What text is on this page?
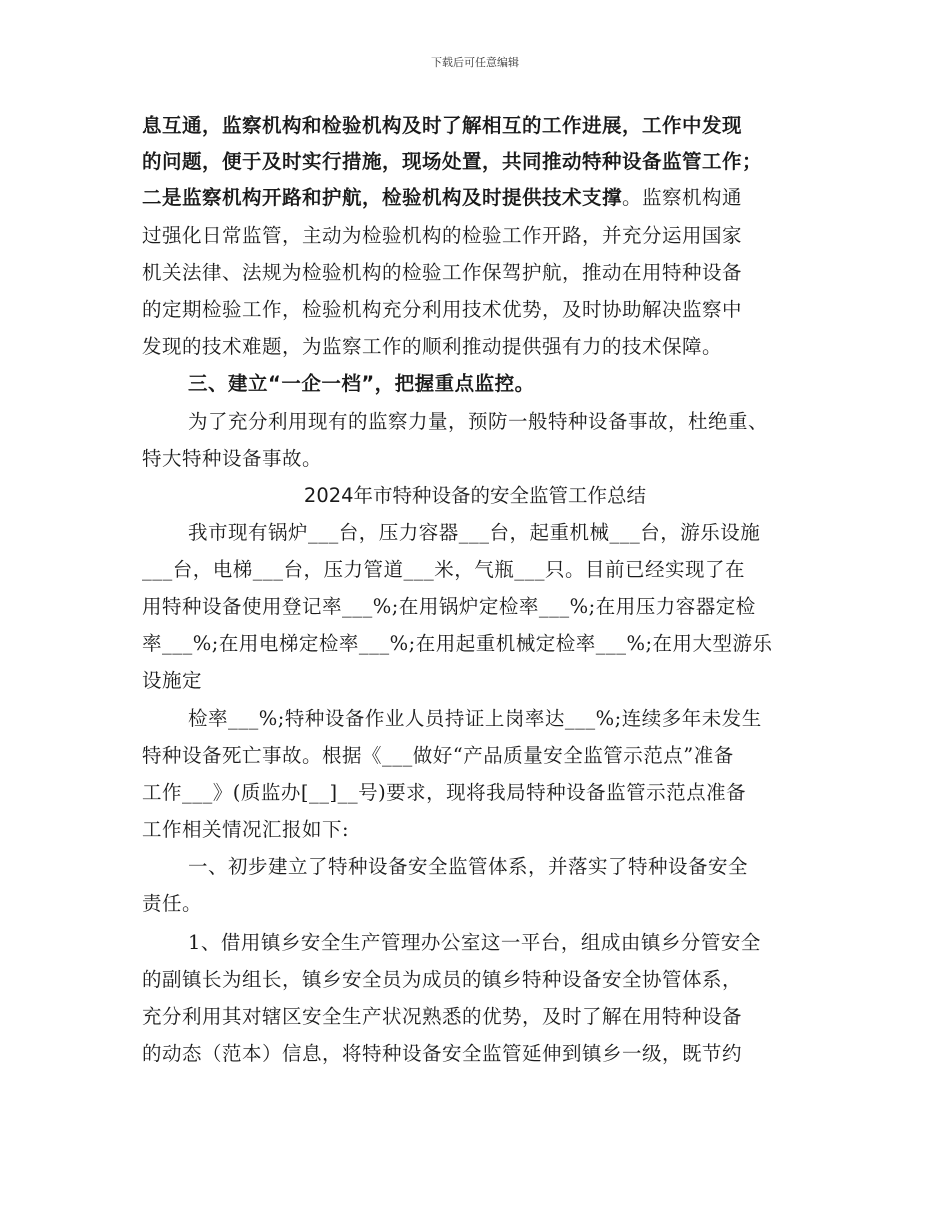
下载后可任意编辑
息互通，监察机构和检验机构及时了解相互的工作进展，工作中发现
的问题，便于及时实行措施，现场处置，共同推动特种设备监管工作；
二是监察机构开路和护航，检验机构及时提供技术支撑。监察机构通
过强化日常监管，主动为检验机构的检验工作开路，并充分运用国家
机关法律、法规为检验机构的检验工作保驾护航，推动在用特种设备
的定期检验工作，检验机构充分利用技术优势，及时协助解决监察中
发现的技术难题，为监察工作的顺利推动提供强有力的技术保障。
三、建立“一企一档”，把握重点监控。
为了充分利用现有的监察力量，预防一般特种设备事故，杜绝重、
特大特种设备事故。
2024年市特种设备的安全监管工作总结
我市现有锅炉___台，压力容器___台，起重机械___台，游乐设施
___台，电梯___台，压力管道___米，气瓶___只。目前已经实现了在
用特种设备使用登记率___%;在用锅炉定检率___%;在用压力容器定检
率___%;在用电梯定检率___%;在用起重机械定检率___%;在用大型游乐
设施定
检率___%;特种设备作业人员持证上岗率达___%;连续多年未发生
特种设备死亡事故。根据《___做好“产品质量安全监管示范点”准备
工作___》(质监办[__]__号)要求，现将我局特种设备监管示范点准备
工作相关情况汇报如下:
一、初步建立了特种设备安全监管体系，并落实了特种设备安全
责任。
1、借用镇乡安全生产管理办公室这一平台，组成由镇乡分管安全
的副镇长为组长，镇乡安全员为成员的镇乡特种设备安全协管体系，
充分利用其对辖区安全生产状况熟悉的优势，及时了解在用特种设备
的动态（范本）信息，将特种设备安全监管延伸到镇乡一级，既节约
